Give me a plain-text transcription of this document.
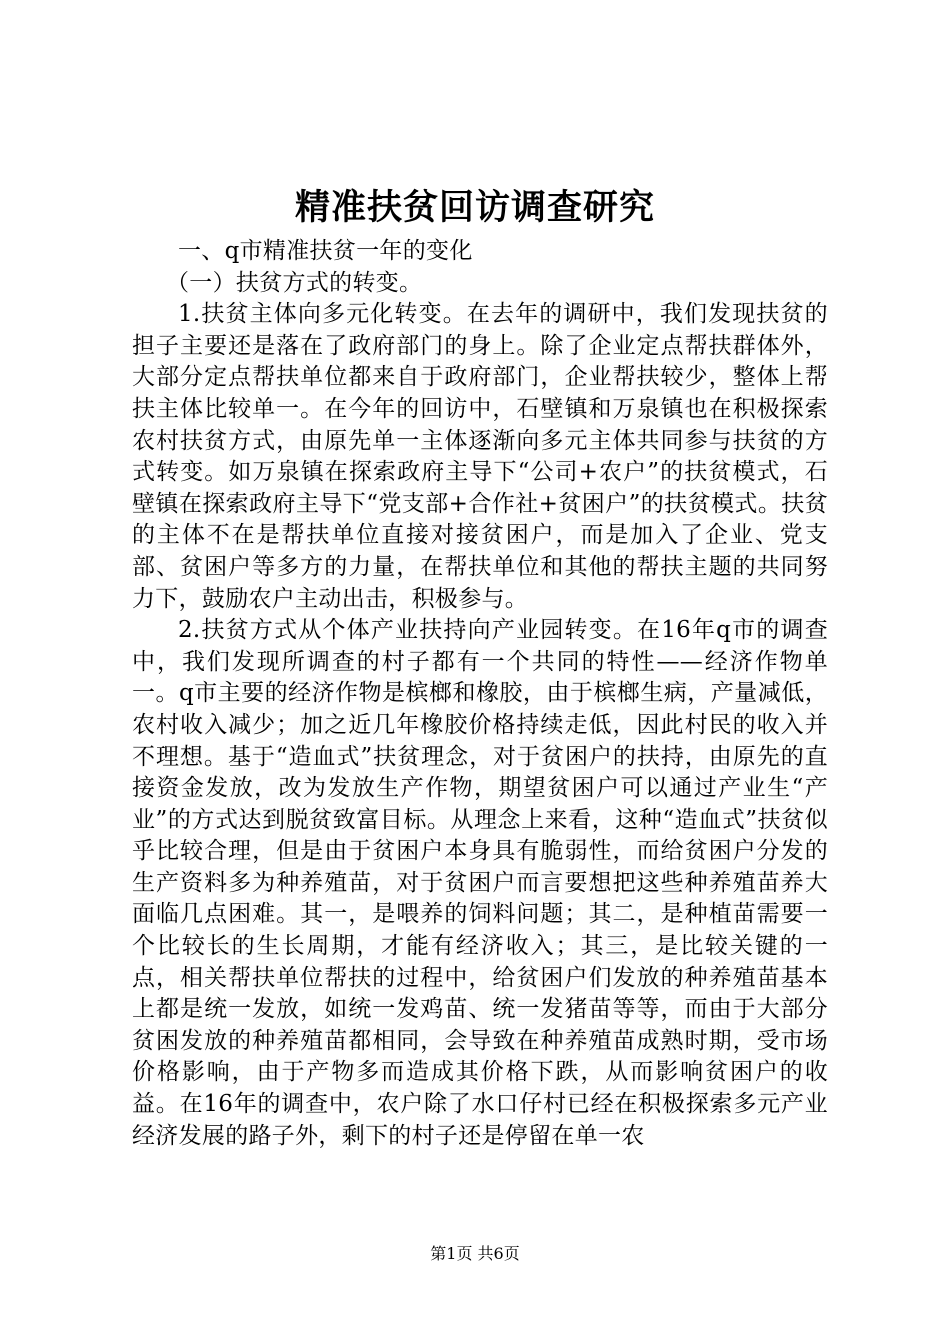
精准扶贫回访调查研究

一、q市精准扶贫一年的变化

（一）扶贫方式的转变。

1.扶贫主体向多元化转变。在去年的调研中，我们发现扶贫的担子主要还是落在了政府部门的身上。除了企业定点帮扶群体外，大部分定点帮扶单位都来自于政府部门，企业帮扶较少，整体上帮扶主体比较单一。在今年的回访中，石壁镇和万泉镇也在积极探索农村扶贫方式，由原先单一主体逐渐向多元主体共同参与扶贫的方式转变。如万泉镇在探索政府主导下“公司+农户”的扶贫模式，石壁镇在探索政府主导下“党支部+合作社+贫困户”的扶贫模式。扶贫的主体不在是帮扶单位直接对接贫困户，而是加入了企业、党支部、贫困户等多方的力量，在帮扶单位和其他的帮扶主题的共同努力下，鼓励农户主动出击，积极参与。

2.扶贫方式从个体产业扶持向产业园转变。在16年q市的调查中，我们发现所调查的村子都有一个共同的特性——经济作物单一。q市主要的经济作物是槟榔和橡胶，由于槟榔生病，产量减低，农村收入减少；加之近几年橡胶价格持续走低，因此村民的收入并不理想。基于“造血式”扶贫理念，对于贫困户的扶持，由原先的直接资金发放，改为发放生产作物，期望贫困户可以通过产业生“产业”的方式达到脱贫致富目标。从理念上来看，这种“造血式”扶贫似乎比较合理，但是由于贫困户本身具有脆弱性，而给贫困户分发的生产资料多为种养殖苗，对于贫困户而言要想把这些种养殖苗养大面临几点困难。其一，是喂养的饲料问题；其二，是种植苗需要一个比较长的生长周期，才能有经济收入；其三，是比较关键的一点，相关帮扶单位帮扶的过程中，给贫困户们发放的种养殖苗基本上都是统一发放，如统一发鸡苗、统一发猪苗等等，而由于大部分贫困发放的种养殖苗都相同，会导致在种养殖苗成熟时期，受市场价格影响，由于产物多而造成其价格下跌，从而影响贫困户的收益。在16年的调查中，农户除了水口仔村已经在积极探索多元产业经济发展的路子外，剩下的村子还是停留在单一农

第1页 共6页
